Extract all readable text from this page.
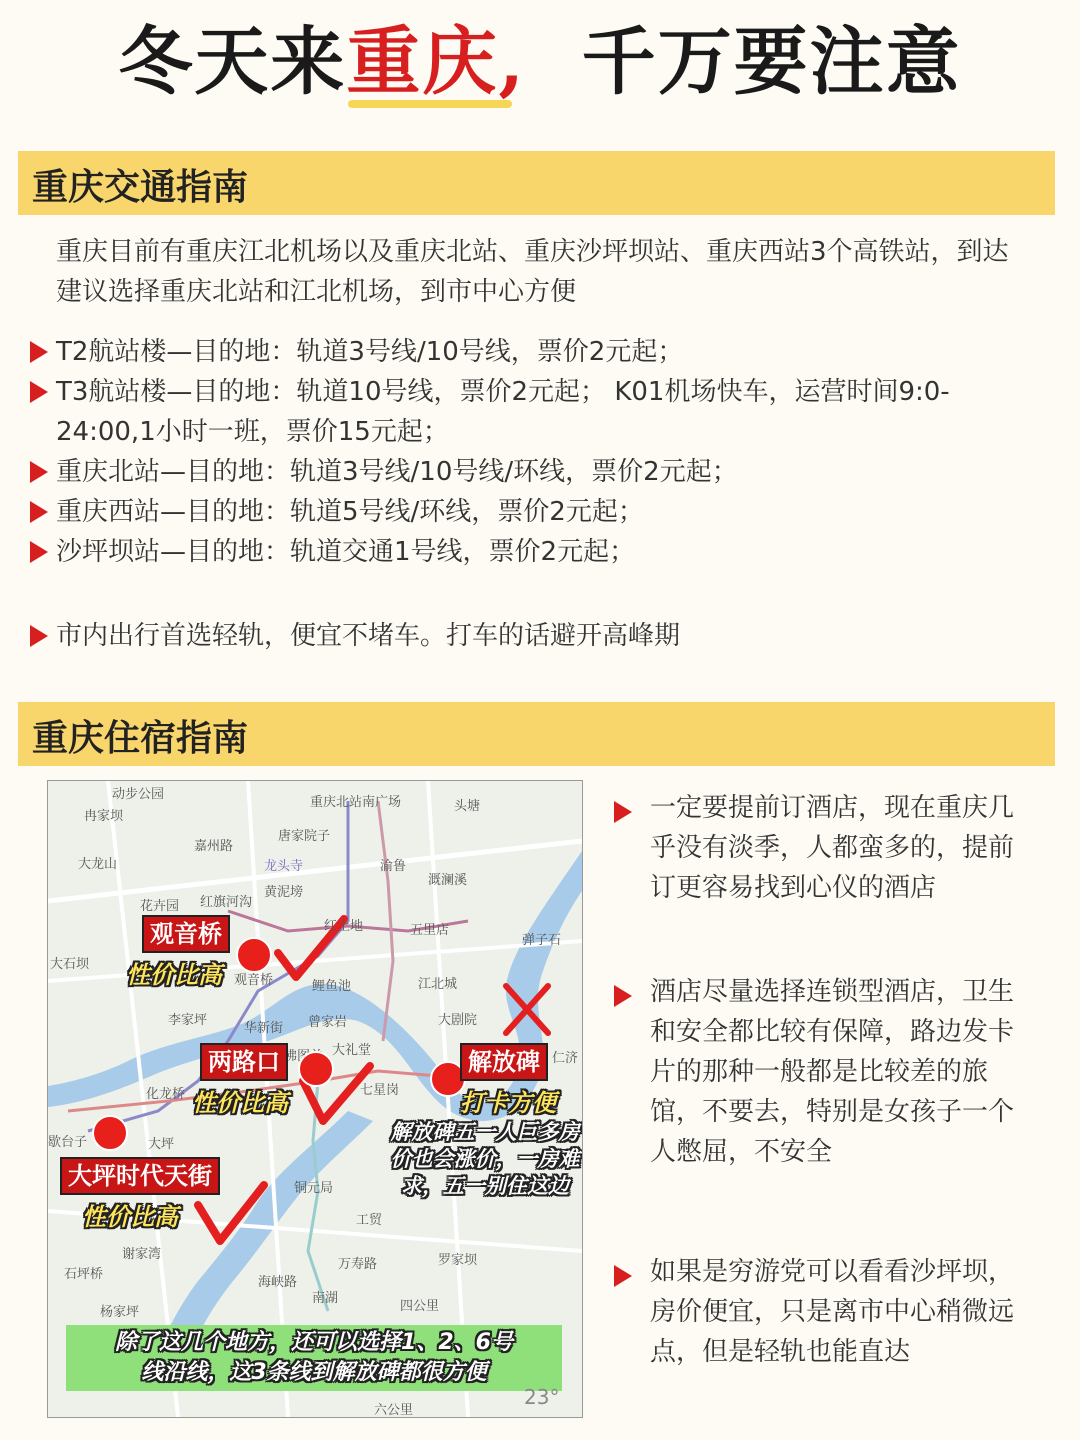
冬天来重庆, 千万要注意
重庆交通指南
重庆目前有重庆江北机场以及重庆北站、重庆沙坪坝站、重庆西站3个高铁站，到达建议选择重庆北站和江北机场，到市中心方便
T2航站楼—目的地：轨道3号线/10号线，票价2元起；
T3航站楼—目的地：轨道10号线，票价2元起； K01机场快车，运营时间9:0-24:00,1小时一班，票价15元起；
重庆北站—目的地：轨道3号线/10号线/环线，票价2元起；
重庆西站—目的地：轨道5号线/环线，票价2元起；
沙坪坝站—目的地：轨道交通1号线，票价2元起；
市内出行首选轻轨，便宜不堵车。打车的话避开高峰期
重庆住宿指南
动步公园
冉家坝
重庆北站南广场	头塘
嘉州路
唐家院子
大龙山	龙头寺	渝鲁
黄泥塝
溉澜溪
花卉园 红旗河沟
红土地	五里店
弹子石
大石坝
观音桥	鲤鱼池	江北城
李家坪
华新街 曾家岩	大剧院
大礼堂
七星岗
化龙桥
大坪
铜元局
工贸
谢家湾
万寿路	罗家坝
石坪桥
海峡路
南湖
四公里
杨家坪
六公里
歇台子
仁济
观音桥
性价比高
两路口
性价比高
解放碑
打卡方便
解放碑五一人巨多房价也会涨价，一房难求，五一别住这边
大坪时代天街
性价比高
除了这几个地方，还可以选择1、2、6号
线沿线，这3条线到解放碑都很方便
23°
一定要提前订酒店，现在重庆几乎没有淡季，人都蛮多的，提前订更容易找到心仪的酒店
酒店尽量选择连锁型酒店，卫生和安全都比较有保障，路边发卡片的那种一般都是比较差的旅馆，不要去，特别是女孩子一个人憋屈，不安全
如果是穷游党可以看看沙坪坝，房价便宜，只是离市中心稍微远点，但是轻轨也能直达
